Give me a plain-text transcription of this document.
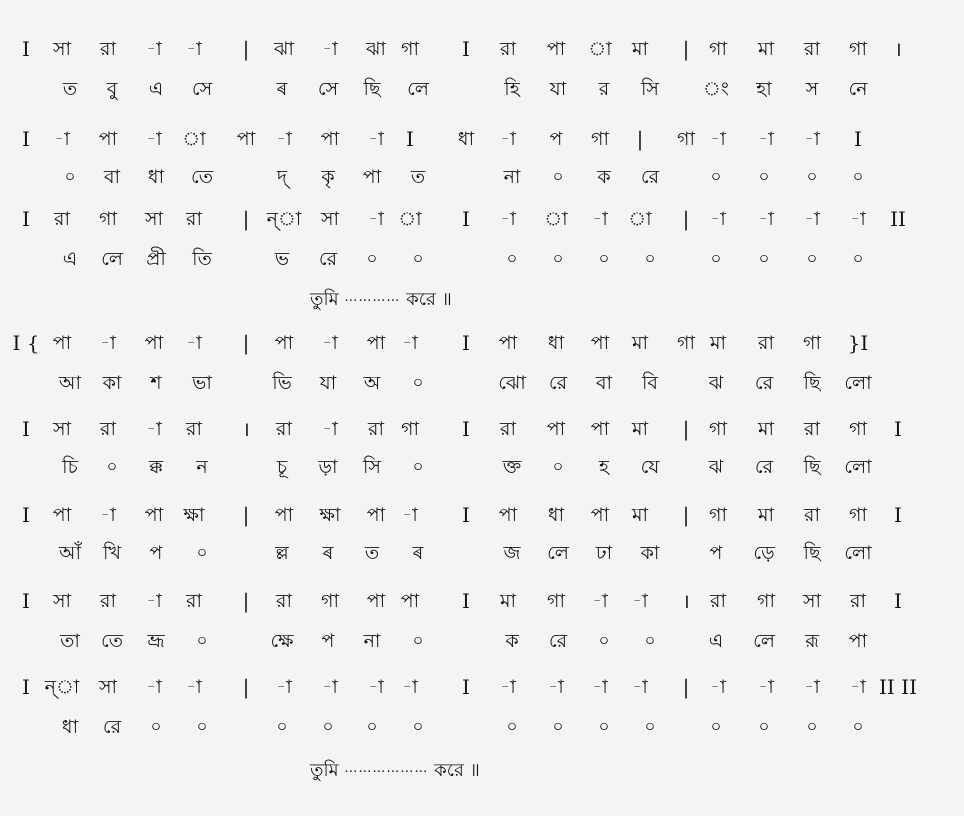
I সা রা -া -া | ঝা -া ঝা গা I রা পা া মা | গা মা রা গা ।
ত বু এ সে	ৰ সে ছি লে	হি যা র সি ং হা স নে
I -া পা -া া পা -া পা -া I ধা -া প গা | গা -া -া -া I
০ বা ধা তে	দ্ কৃ পা ত	না ০ ক রে	০ ০ ০ ০
I রা গা সা রা | ন্া সা -া া I -া া -া া | -া -া -া -া II
এ লে প্রী তি	ভ রে ০ ০	০ ০ ০ ০	০ ০ ০ ০
তুমি ………… করে ॥
I { পা -া পা -া | পা -া পা -া I পা ধা পা মা গা মা রা গা }I
আ কা শ ভা	ভি যা অ ০	ঝো রে বা বি	ঝ রে ছি লো
I সা রা -া রা । রা -া রা গা I রা পা পা মা | গা মা রা গা I
চি ০ ক্ক ন	চূ ড়া সি ০	ক্ত ০ হ যে	ঝ রে ছি লো
I পা -া পা ক্ষা | পা ক্ষা পা -া I পা ধা পা মা | গা মা রা গা I
আঁ খি প ০	ল্ল ৰ ত ৰ	জ লে ঢা কা	প ড়ে ছি লো
I সা রা -া রা | রা গা পা পা I মা গা -া -া । রা গা সা রা I
তা তে ভ্রূ ০	ক্ষে প না ০	ক রে ০ ০	এ লে রূ পা
I ন্া সা -া -া | -া -া -া -া I -া -া -া -া | -া -া -া -া II II
ধা রে ০ ০	০ ০ ০ ০	০ ০ ০ ০	০ ০ ০ ০
তুমি ……………… করে ॥
